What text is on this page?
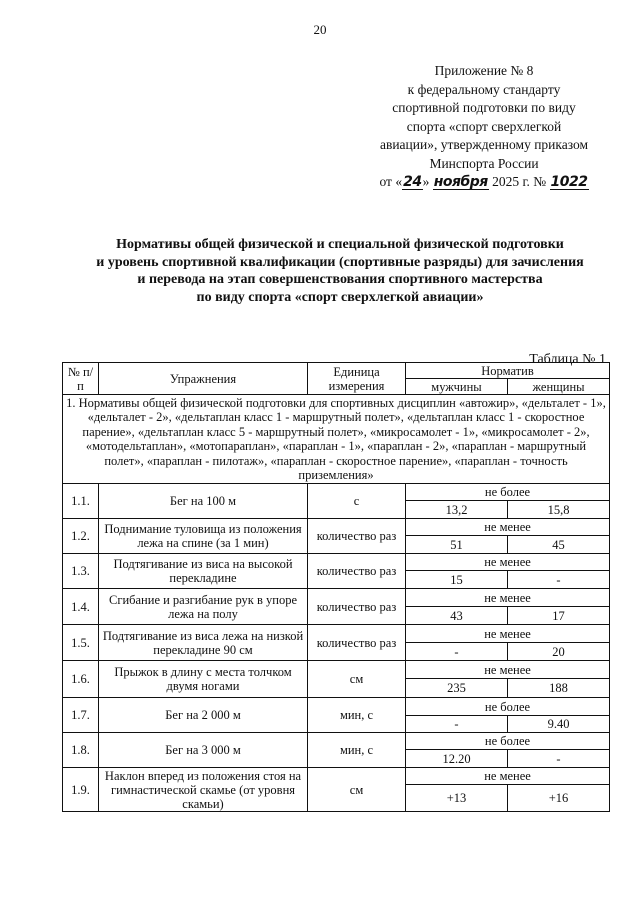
20
Приложение № 8
к федеральному стандарту
спортивной подготовки по виду
спорта «спорт сверхлегкой
авиации», утвержденному приказом
Минспорта России
от «24» ноября 2025 г. № 1022
Нормативы общей физической и специальной физической подготовки
и уровень спортивной квалификации (спортивные разряды) для зачисления
и перевода на этап совершенствования спортивного мастерства
по виду спорта «спорт сверхлегкой авиации»
Таблица № 1
№ п/п	Упражнения	Единица измерения	Норматив	
			мужчины	женщины
1. Нормативы общей физической подготовки для спортивных дисциплин «автожир», «дельталет - 1», «дельталет - 2», «дельтаплан класс 1 - маршрутный полет», «дельтаплан класс 1 - скоростное парение», «дельтаплан класс 5 - маршрутный полет», «микросамолет - 1», «микросамолет - 2», «мотодельтаплан», «мотопараплан», «параплан - 1», «параплан - 2», «параплан - маршрутный полет», «параплан - пилотаж», «параплан - скоростное парение», «параплан - точность приземления»				
1.1.	Бег на 100 м	с	не более	
			13,2	15,8
1.2.	Поднимание туловища из положения лежа на спине (за 1 мин)	количество раз	не менее	
			51	45
1.3.	Подтягивание из виса на высокой перекладине	количество раз	не менее	
			15	-
1.4.	Сгибание и разгибание рук в упоре лежа на полу	количество раз	не менее	
			43	17
1.5.	Подтягивание из виса лежа на низкой перекладине 90 см	количество раз	не менее	
			-	20
1.6.	Прыжок в длину с места толчком двумя ногами	см	не менее	
			235	188
1.7.	Бег на 2 000 м	мин, с	не более	
			-	9.40
1.8.	Бег на 3 000 м	мин, с	не более	
			12.20	-
1.9.	Наклон вперед из положения стоя на гимнастической скамье (от уровня скамьи)	см	не менее	
			+13	+16
